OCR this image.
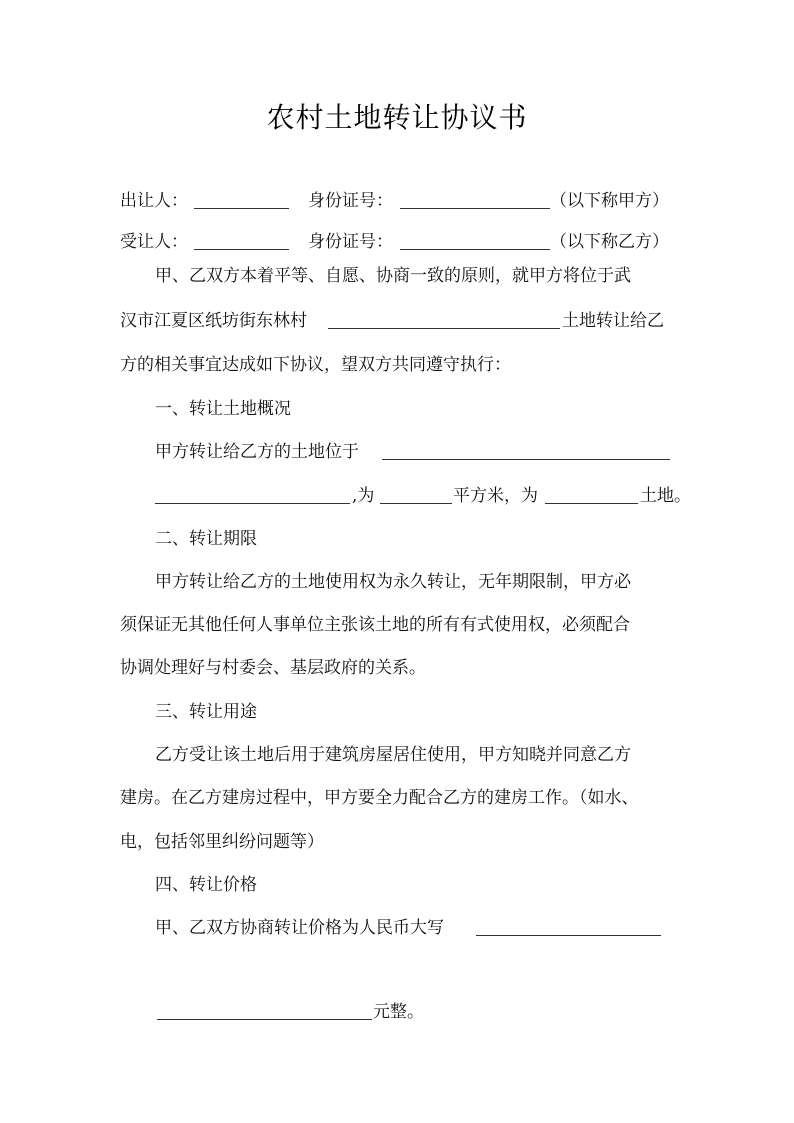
农村土地转让协议书
出让人：	身份证号：	（以下称甲方）
受让人：	身份证号：	（以下称乙方）
甲、乙双方本着平等、自愿、协商一致的原则，就甲方将位于武
汉市江夏区纸坊街东林村	土地转让给乙
方的相关事宜达成如下协议，望双方共同遵守执行：
一、转让土地概况
甲方转让给乙方的土地位于
,为	平方米，为	土地。
二、转让期限
甲方转让给乙方的土地使用权为永久转让，无年期限制，甲方必
须保证无其他任何人事单位主张该土地的所有有式使用权，必须配合
协调处理好与村委会、基层政府的关系。
三、转让用途
乙方受让该土地后用于建筑房屋居住使用，甲方知晓并同意乙方
建房。在乙方建房过程中，甲方要全力配合乙方的建房工作。（如水、
电，包括邻里纠纷问题等）
四、转让价格
甲、乙双方协商转让价格为人民币大写
元整。
